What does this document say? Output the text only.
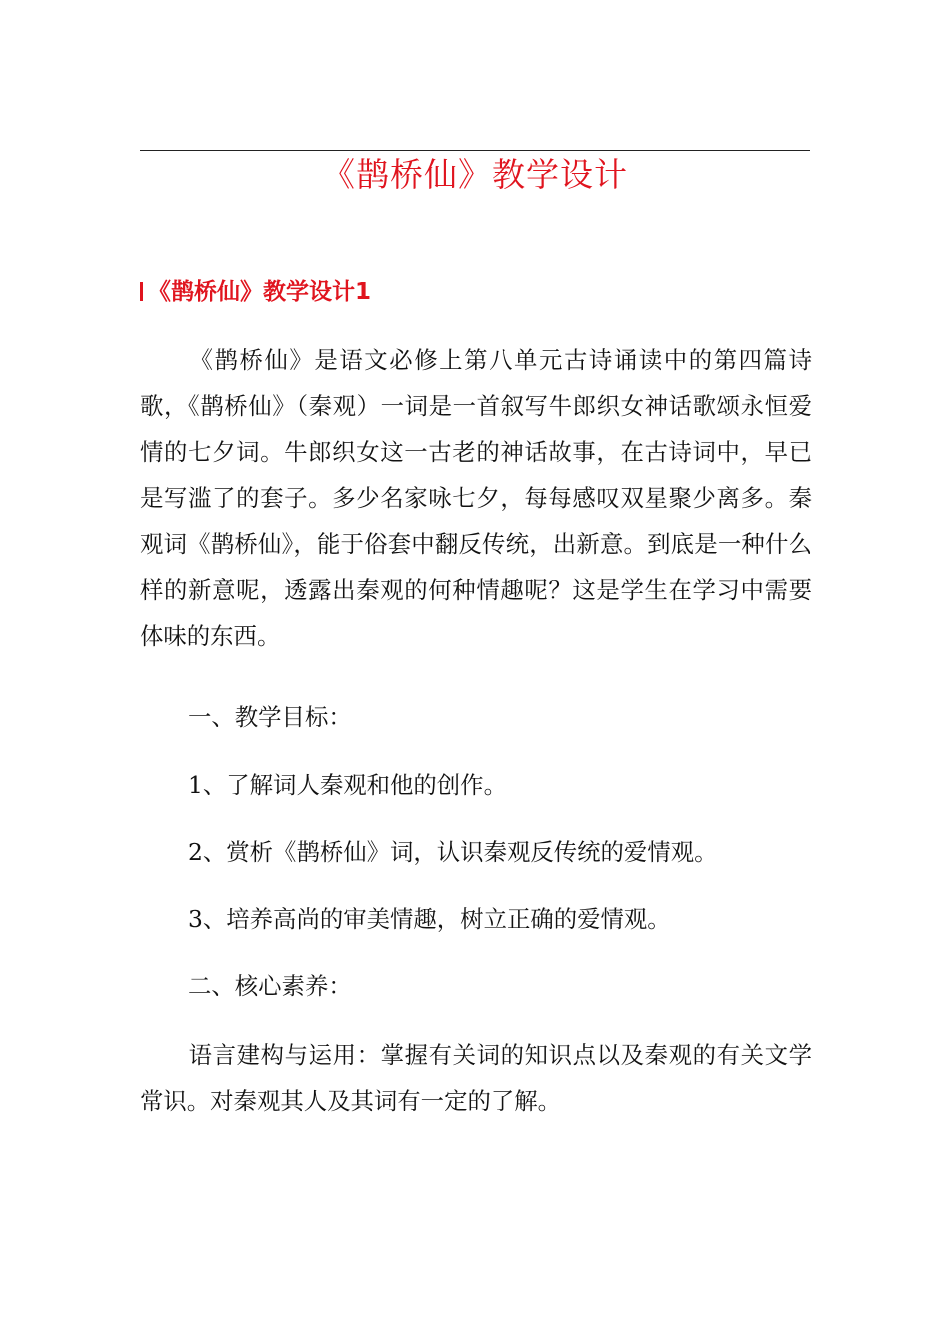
《鹊桥仙》教学设计
《鹊桥仙》教学设计1
《鹊桥仙》是语文必修上第八单元古诗诵读中的第四篇诗歌，《鹊桥仙》（秦观）一词是一首叙写牛郎织女神话歌颂永恒爱情的七夕词。牛郎织女这一古老的神话故事，在古诗词中，早已是写滥了的套子。多少名家咏七夕，每每感叹双星聚少离多。秦观词《鹊桥仙》，能于俗套中翻反传统，出新意。到底是一种什么样的新意呢，透露出秦观的何种情趣呢？这是学生在学习中需要体味的东西。
一、教学目标：
1、了解词人秦观和他的创作。
2、赏析《鹊桥仙》词，认识秦观反传统的爱情观。
3、培养高尚的审美情趣，树立正确的爱情观。
二、核心素养：
语言建构与运用：掌握有关词的知识点以及秦观的有关文学常识。对秦观其人及其词有一定的了解。
